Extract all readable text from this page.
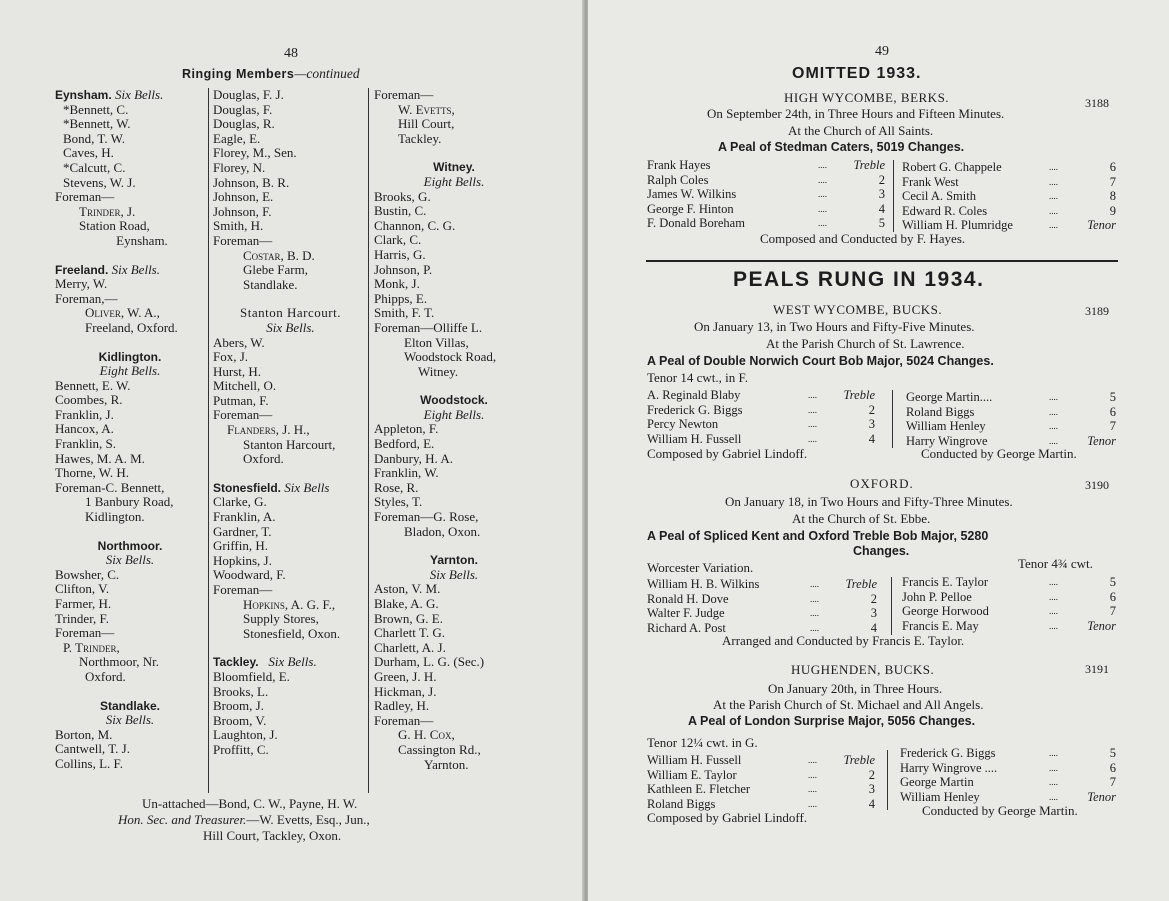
48
Ringing Members—continued
Eynsham. Six Bells.
*Bennett, C.
*Bennett, W.
Bond, T. W.
Caves, H.
*Calcutt, C.
Stevens, W. J.
Foreman—
Trinder, J.
Station Road,
Eynsham.
Freeland. Six Bells.
Merry, W.
Foreman,—
Oliver, W. A.,
Freeland, Oxford.
Kidlington.
Eight Bells.
Bennett, E. W.
Coombes, R.
Franklin, J.
Hancox, A.
Franklin, S.
Hawes, M. A. M.
Thorne, W. H.
Foreman-C. Bennett,
1 Banbury Road,
Kidlington.
Northmoor.
Six Bells.
Bowsher, C.
Clifton, V.
Farmer, H.
Trinder, F.
Foreman—
P. Trinder,
Northmoor, Nr.
Oxford.
Standlake.
Six Bells.
Borton, M.
Cantwell, T. J.
Collins, L. F.
Douglas, F. J.
Douglas, F.
Douglas, R.
Eagle, E.
Florey, M., Sen.
Florey, N.
Johnson, B. R.
Johnson, E.
Johnson, F.
Smith, H.
Foreman—
Costar, B. D.
Glebe Farm,
Standlake.
Stanton Harcourt.
Six Bells.
Abers, W.
Fox, J.
Hurst, H.
Mitchell, O.
Putman, F.
Foreman—
Flanders, J. H.,
Stanton Harcourt,
Oxford.
Stonesfield. Six Bells
Clarke, G.
Franklin, A.
Gardner, T.
Griffin, H.
Hopkins, J.
Woodward, F.
Foreman—
Hopkins, A. G. F.,
Supply Stores,
Stonesfield, Oxon.
Tackley. Six Bells.
Bloomfield, E.
Brooks, L.
Broom, J.
Broom, V.
Laughton, J.
Proffitt, C.
Foreman—
W. Evetts,
Hill Court,
Tackley.
Witney.
Eight Bells.
Brooks, G.
Bustin, C.
Channon, C. G.
Clark, C.
Harris, G.
Johnson, P.
Monk, J.
Phipps, E.
Smith, F. T.
Foreman—Olliffe L.
Elton Villas,
Woodstock Road,
Witney.
Woodstock.
Eight Bells.
Appleton, F.
Bedford, E.
Danbury, H. A.
Franklin, W.
Rose, R.
Styles, T.
Foreman—G. Rose,
Bladon, Oxon.
Yarnton.
Six Bells.
Aston, V. M.
Blake, A. G.
Brown, G. E.
Charlett T. G.
Charlett, A. J.
Durham, L. G. (Sec.)
Green, J. H.
Hickman, J.
Radley, H.
Foreman—
G. H. Cox,
Cassington Rd.,
Yarnton.
Un-attached—Bond, C. W., Payne, H. W.
Hon. Sec. and Treasurer.—W. Evetts, Esq., Jun.,
Hill Court, Tackley, Oxon.
49
OMITTED 1933.
HIGH WYCOMBE, BERKS.	3188
On September 24th, in Three Hours and Fifteen Minutes.
At the Church of All Saints.
A Peal of Stedman Caters, 5019 Changes.
Frank Hayes	....	Treble
Ralph Coles	....	2
James W. Wilkins	....	3
George F. Hinton	....	4
F. Donald Boreham	....	5
Robert G. Chappele	....	6
Frank West	....	7
Cecil A. Smith	....	8
Edward R. Coles	....	9
William H. Plumridge	....	Tenor
Composed and Conducted by F. Hayes.
PEALS RUNG IN 1934.
WEST WYCOMBE, BUCKS.	3189
On January 13, in Two Hours and Fifty-Five Minutes.
At the Parish Church of St. Lawrence.
A Peal of Double Norwich Court Bob Major, 5024 Changes.
Tenor 14 cwt., in F.
A. Reginald Blaby	....	Treble
Frederick G. Biggs	....	2
Percy Newton	....	3
William H. Fussell	....	4
George Martin....	....	5
Roland Biggs	....	6
William Henley	....	7
Harry Wingrove	....	Tenor
Composed by Gabriel Lindoff.	Conducted by George Martin.
OXFORD.	3190
On January 18, in Two Hours and Fifty-Three Minutes.
At the Church of St. Ebbe.
A Peal of Spliced Kent and Oxford Treble Bob Major, 5280
Changes.
Worcester Variation.	Tenor 4¾ cwt.
William H. B. Wilkins	....	Treble
Ronald H. Dove	....	2
Walter F. Judge	....	3
Richard A. Post	....	4
Francis E. Taylor	....	5
John P. Pelloe	....	6
George Horwood	....	7
Francis E. May	....	Tenor
Arranged and Conducted by Francis E. Taylor.
HUGHENDEN, BUCKS.	3191
On January 20th, in Three Hours.
At the Parish Church of St. Michael and All Angels.
A Peal of London Surprise Major, 5056 Changes.
Tenor 12¼ cwt. in G.
William H. Fussell	....	Treble
William E. Taylor	....	2
Kathleen E. Fletcher	....	3
Roland Biggs	....	4
Frederick G. Biggs	....	5
Harry Wingrove ....	....	6
George Martin	....	7
William Henley	....	Tenor
Composed by Gabriel Lindoff.	Conducted by George Martin.
